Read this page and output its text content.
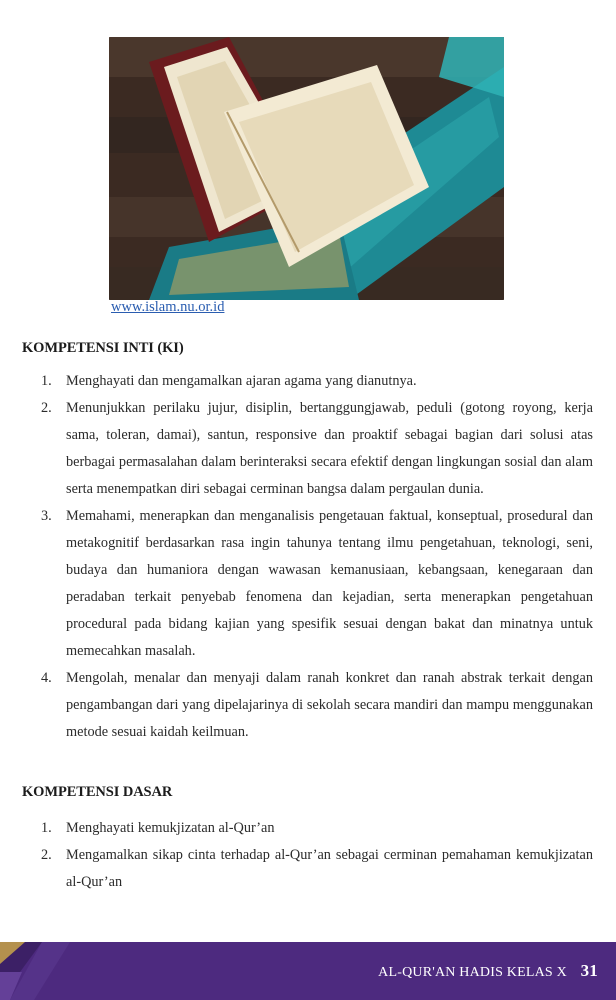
www.islam.nu.or.id
KOMPETENSI INTI (KI)
1. Menghayati dan mengamalkan ajaran agama yang dianutnya.
2. Menunjukkan perilaku jujur, disiplin, bertanggungjawab, peduli (gotong royong, kerja sama, toleran, damai), santun, responsive dan proaktif sebagai bagian dari solusi atas berbagai permasalahan dalam berinteraksi secara efektif dengan lingkungan sosial dan alam serta menempatkan diri sebagai cerminan bangsa dalam pergaulan dunia.
3. Memahami, menerapkan dan menganalisis pengetauan faktual, konseptual, prosedural dan metakognitif berdasarkan rasa ingin tahunya tentang ilmu pengetahuan, teknologi, seni, budaya dan humaniora dengan wawasan kemanusiaan, kebangsaan, kenegaraan dan peradaban terkait penyebab fenomena dan kejadian, serta menerapkan pengetahuan procedural pada bidang kajian yang spesifik sesuai dengan bakat dan minatnya untuk memecahkan masalah.
4. Mengolah, menalar dan menyaji dalam ranah konkret dan ranah abstrak terkait dengan pengambangan dari yang dipelajarinya di sekolah secara mandiri dan mampu menggunakan metode sesuai kaidah keilmuan.
KOMPETENSI DASAR
1. Menghayati kemukjizatan al-Qur’an
2. Mengamalkan sikap cinta terhadap al-Qur’an sebagai cerminan pemahaman kemukjizatan al-Qur’an
AL-QUR'AN HADIS KELAS X 31
